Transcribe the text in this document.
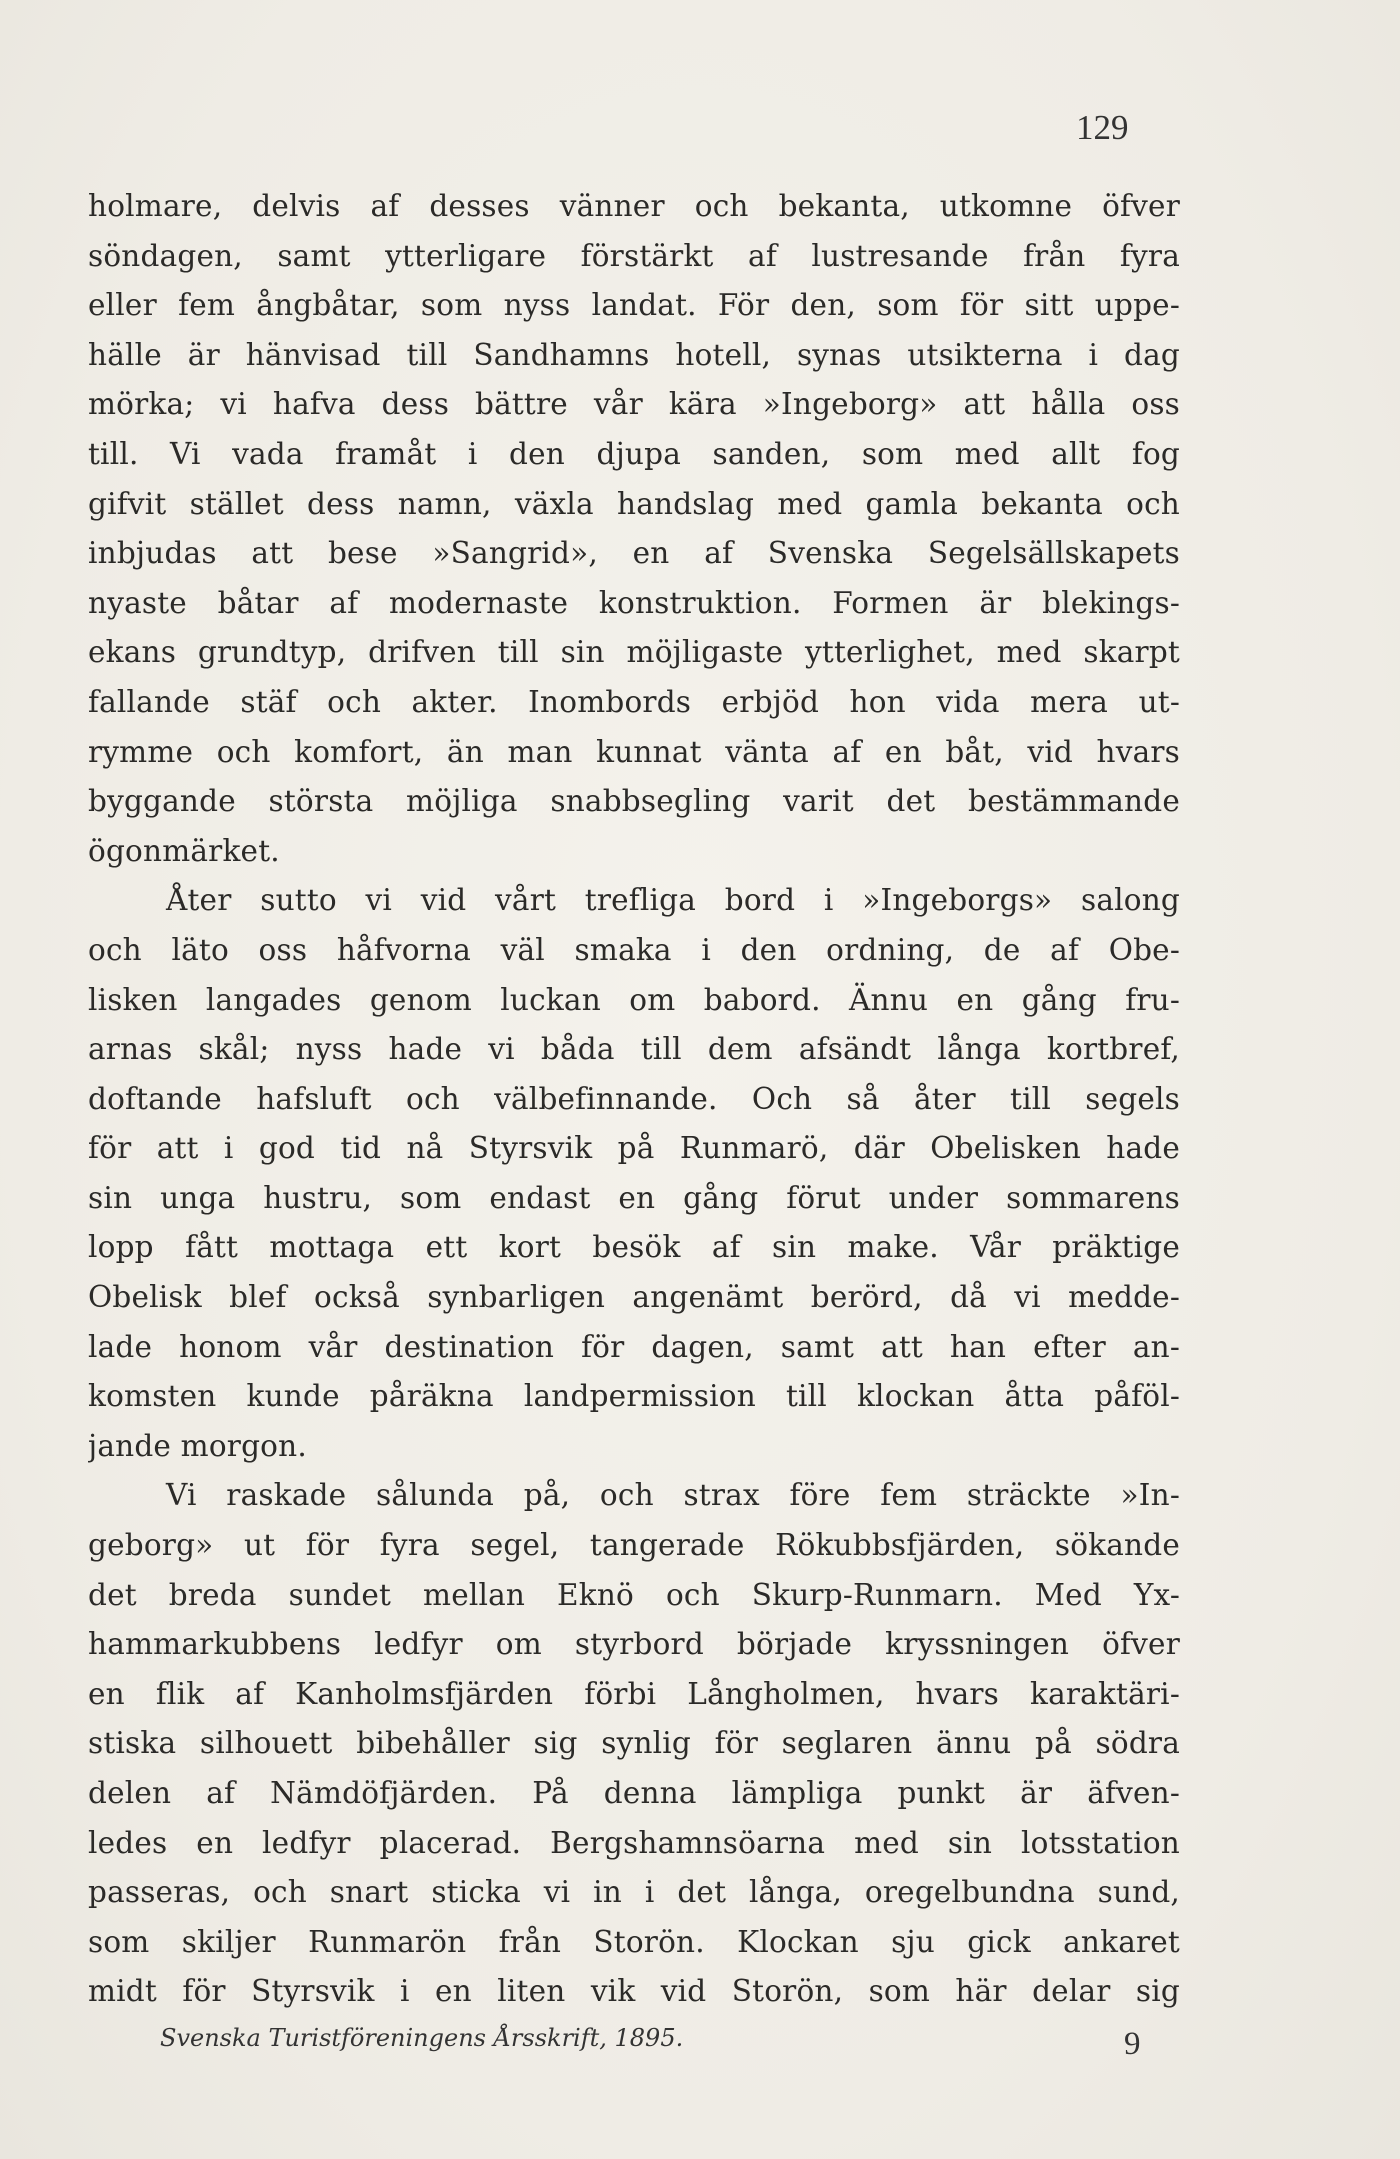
129
holmare, delvis af desses vänner och bekanta, utkomne öfver
söndagen, samt ytterligare förstärkt af lustresande från fyra
eller fem ångbåtar, som nyss landat. För den, som för sitt uppe-
hälle är hänvisad till Sandhamns hotell, synas utsikterna i dag
mörka; vi hafva dess bättre vår kära »Ingeborg» att hålla oss
till. Vi vada framåt i den djupa sanden, som med allt fog
gifvit stället dess namn, växla handslag med gamla bekanta och
inbjudas att bese »Sangrid», en af Svenska Segelsällskapets
nyaste båtar af modernaste konstruktion. Formen är blekings-
ekans grundtyp, drifven till sin möjligaste ytterlighet, med skarpt
fallande stäf och akter. Inombords erbjöd hon vida mera ut-
rymme och komfort, än man kunnat vänta af en båt, vid hvars
byggande största möjliga snabbsegling varit det bestämmande
ögonmärket.
Åter sutto vi vid vårt trefliga bord i »Ingeborgs» salong
och läto oss håfvorna väl smaka i den ordning, de af Obe-
lisken langades genom luckan om babord. Ännu en gång fru-
arnas skål; nyss hade vi båda till dem afsändt långa kortbref,
doftande hafsluft och välbefinnande. Och så åter till segels
för att i god tid nå Styrsvik på Runmarö, där Obelisken hade
sin unga hustru, som endast en gång förut under sommarens
lopp fått mottaga ett kort besök af sin make. Vår präktige
Obelisk blef också synbarligen angenämt berörd, då vi medde-
lade honom vår destination för dagen, samt att han efter an-
komsten kunde påräkna landpermission till klockan åtta påföl-
jande morgon.
Vi raskade sålunda på, och strax före fem sträckte »In-
geborg» ut för fyra segel, tangerade Rökubbsfjärden, sökande
det breda sundet mellan Eknö och Skurp-Runmarn. Med Yx-
hammarkubbens ledfyr om styrbord började kryssningen öfver
en flik af Kanholmsfjärden förbi Långholmen, hvars karaktäri-
stiska silhouett bibehåller sig synlig för seglaren ännu på södra
delen af Nämdöfjärden. På denna lämpliga punkt är äfven-
ledes en ledfyr placerad. Bergshamnsöarna med sin lotsstation
passeras, och snart sticka vi in i det långa, oregelbundna sund,
som skiljer Runmarön från Storön. Klockan sju gick ankaret
midt för Styrsvik i en liten vik vid Storön, som här delar sig
Svenska Turistföreningens Årsskrift, 1895.	9
